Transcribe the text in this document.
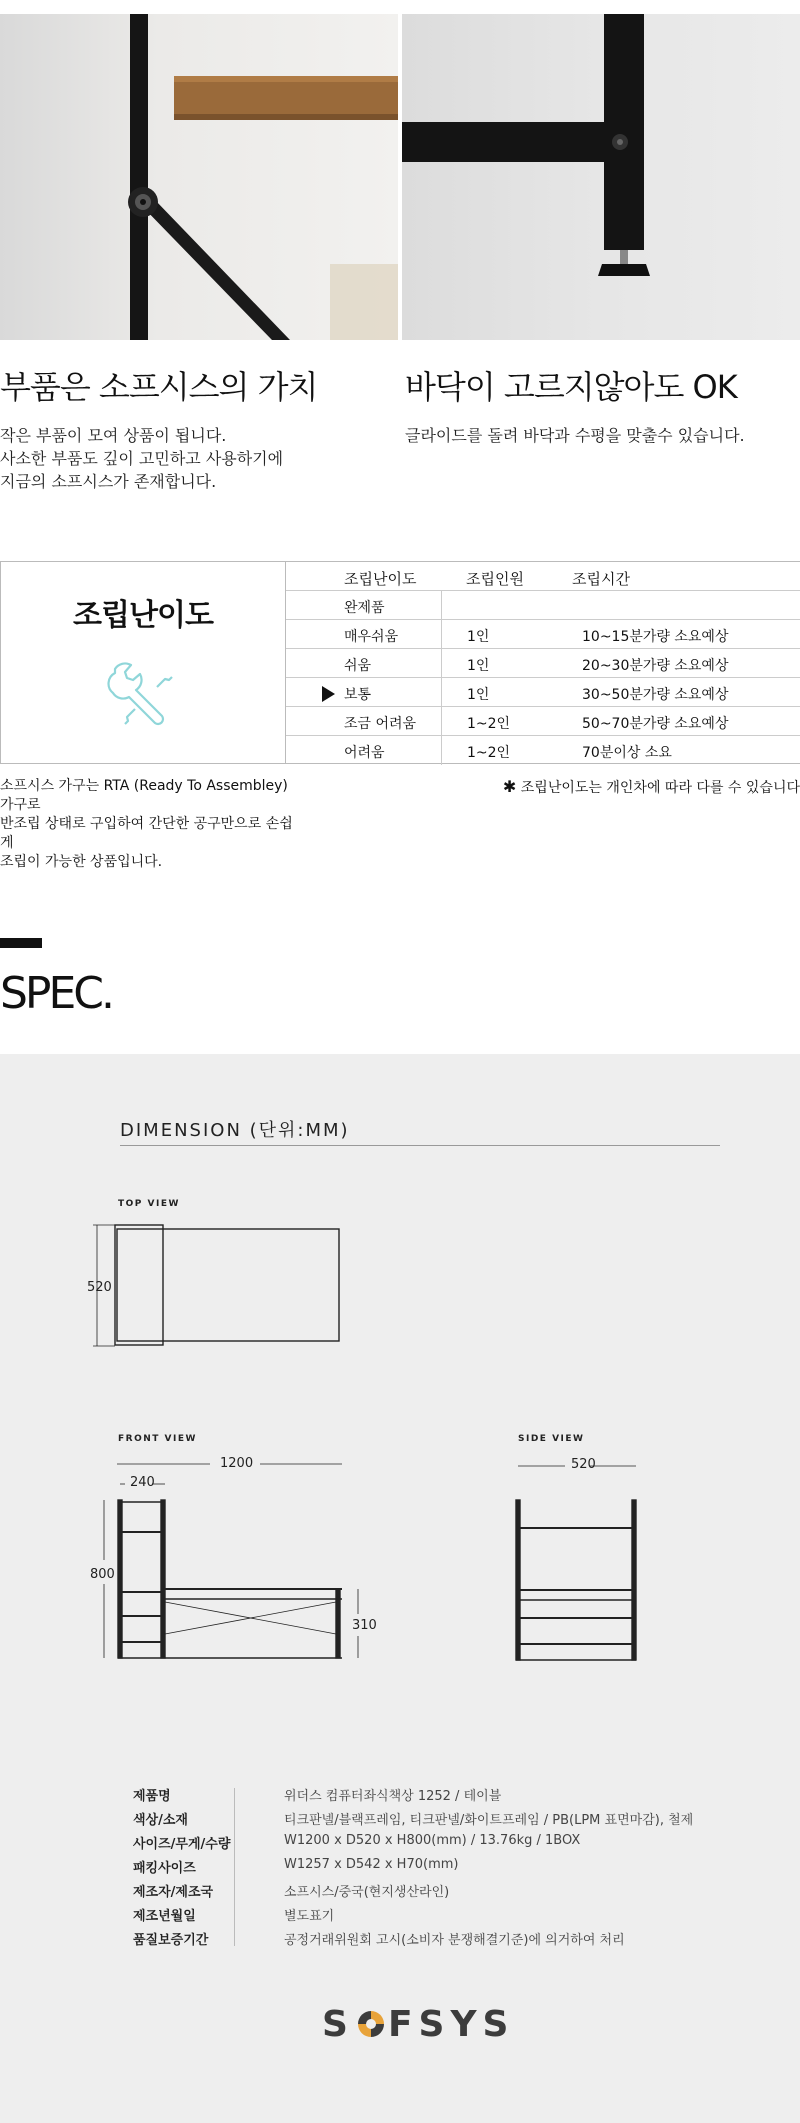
부품은 소프시스의 가치

작은 부품이 모여 상품이 됩니다.
사소한 부품도 깊이 고민하고 사용하기에
지금의 소프시스가 존재합니다.

바닥이 고르지않아도 OK

글라이드를 돌려 바닥과 수평을 맞출수 있습니다.

조립난이도
조립난이도	조립인원	조립시간
완제품
매우쉬움	1인	10~15분가량 소요예상
쉬움	1인	20~30분가량 소요예상
보통	1인	30~50분가량 소요예상
조금 어려움	1~2인	50~70분가량 소요예상
어려움	1~2인	70분이상 소요
소프시스 가구는 RTA (Ready To Assembley)가구로
반조립 상태로 구입하여 간단한 공구만으로 손쉽게
조립이 가능한 상품입니다.
✱ 조립난이도는 개인차에 따라 다를 수 있습니다
SPEC.
DIMENSION (단위:MM)
TOP VIEW
FRONT VIEW	SIDE VIEW
520
1200
240
800
310
520
제품명	위더스 컴퓨터좌식책상 1252 / 테이블
색상/소재	티크판넬/블랙프레임, 티크판넬/화이트프레임 / PB(LPM 표면마감), 철제
사이즈/무게/수량	W1200 x D520 x H800(mm) / 13.76kg / 1BOX
패킹사이즈	W1257 x D542 x H70(mm)
제조자/제조국	소프시스/중국(현지생산라인)
제조년월일	별도표기
품질보증기간	공정거래위원회 고시(소비자 분쟁해결기준)에 의거하여 처리
S FSYS
